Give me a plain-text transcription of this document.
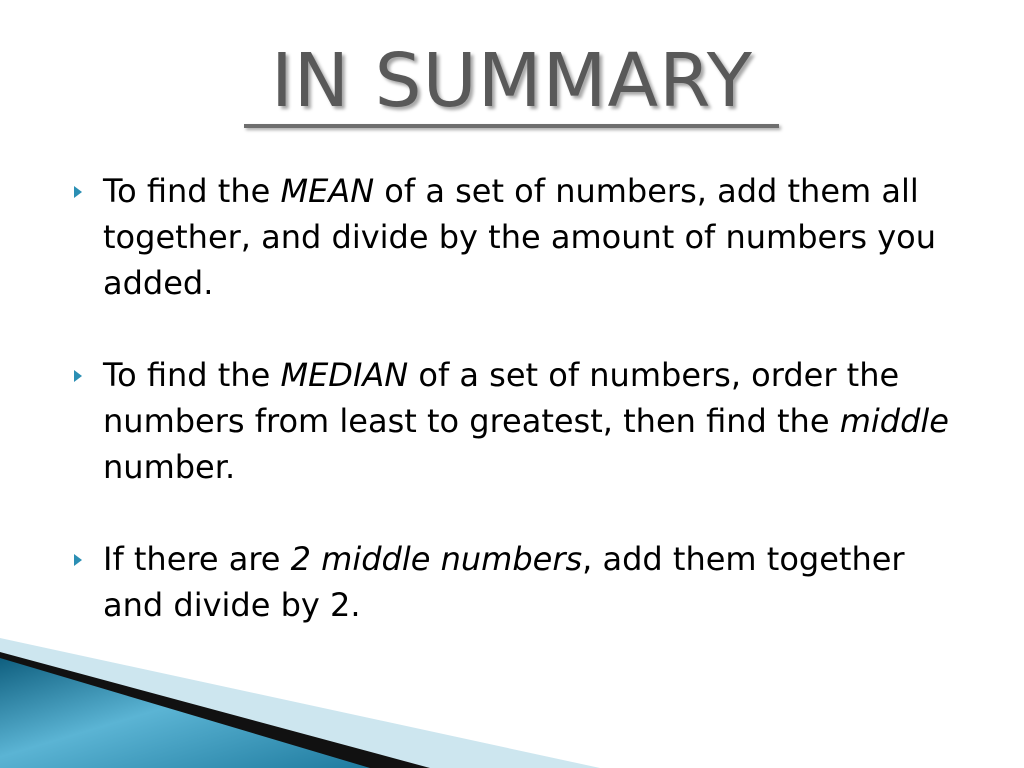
IN SUMMARY
To find the MEAN of a set of numbers, add them all together, and divide by the amount of numbers you added.
To find the MEDIAN of a set of numbers, order the numbers from least to greatest, then find the middle number.
If there are 2 middle numbers, add them together and divide by 2.
